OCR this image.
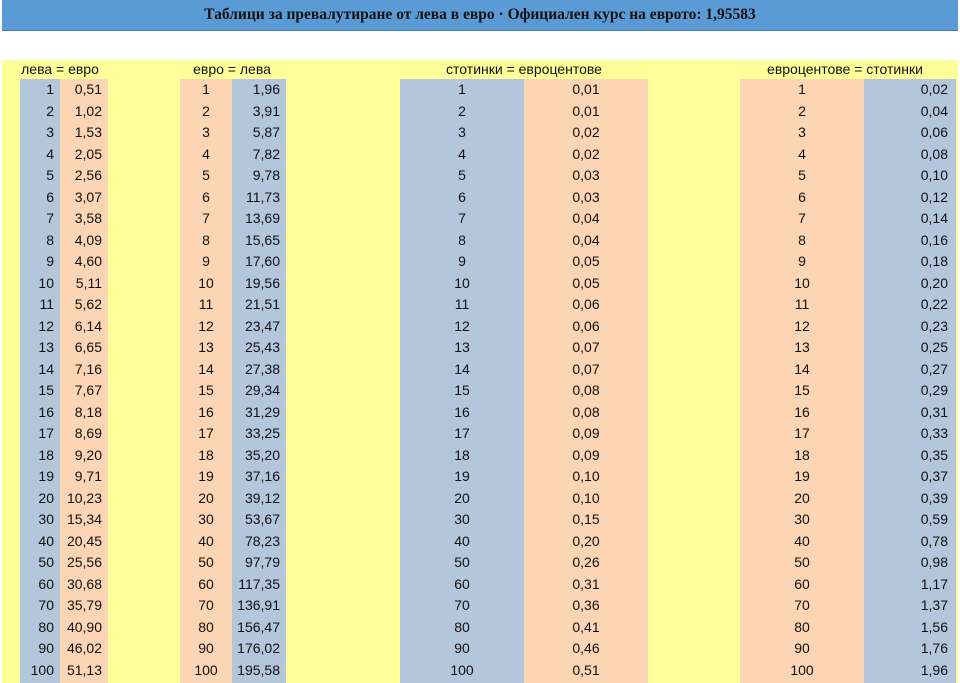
Таблици за превалутиране от лева в евро · Официален курс на еврото: 1,95583
лева = евро
1
2
3
4
5
6
7
8
9
10
11
12
13
14
15
16
17
18
19
20
30
40
50
60
70
80
90
100
0,51
1,02
1,53
2,05
2,56
3,07
3,58
4,09
4,60
5,11
5,62
6,14
6,65
7,16
7,67
8,18
8,69
9,20
9,71
10,23
15,34
20,45
25,56
30,68
35,79
40,90
46,02
51,13
евро = лева
1
2
3
4
5
6
7
8
9
10
11
12
13
14
15
16
17
18
19
20
30
40
50
60
70
80
90
100
1,96
3,91
5,87
7,82
9,78
11,73
13,69
15,65
17,60
19,56
21,51
23,47
25,43
27,38
29,34
31,29
33,25
35,20
37,16
39,12
53,67
78,23
97,79
117,35
136,91
156,47
176,02
195,58
стотинки = евроцентове
1
2
3
4
5
6
7
8
9
10
11
12
13
14
15
16
17
18
19
20
30
40
50
60
70
80
90
100
0,01
0,01
0,02
0,02
0,03
0,03
0,04
0,04
0,05
0,05
0,06
0,06
0,07
0,07
0,08
0,08
0,09
0,09
0,10
0,10
0,15
0,20
0,26
0,31
0,36
0,41
0,46
0,51
евроцентове = стотинки
1
2
3
4
5
6
7
8
9
10
11
12
13
14
15
16
17
18
19
20
30
40
50
60
70
80
90
100
0,02
0,04
0,06
0,08
0,10
0,12
0,14
0,16
0,18
0,20
0,22
0,23
0,25
0,27
0,29
0,31
0,33
0,35
0,37
0,39
0,59
0,78
0,98
1,17
1,37
1,56
1,76
1,96
